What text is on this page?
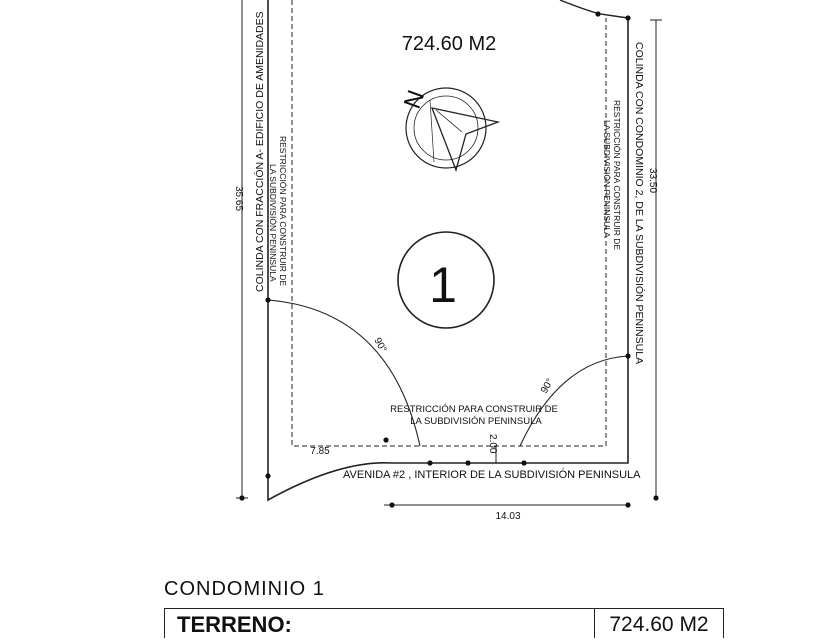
724.60 M2
1
N
COLINDA CON FRACCIÓN A- EDIFICIO DE AMENIDADES	COLINDA CON CONDOMINIO 2, DE LA SUBDIVISIÓN PENINSULA
AVENIDA #2 , INTERIOR DE LA SUBDIVISIÓN PENINSULA
RESTRICCIÓN PARA CONSTRUIR DE
LA SUBDIVISIÓN PENINSULA	RESTRICCIÓN PARA CONSTRUIR DE
LA SUBDIVISIÓN PENINSULA
RESTRICCIÓN PARA CONSTRUIR DE
LA SUBDIVISIÓN PENINSULA
35.65
33.50
14.03
7.85	2.00
90°
90°
CONDOMINIO 1
TERRENO:	724.60 M2
